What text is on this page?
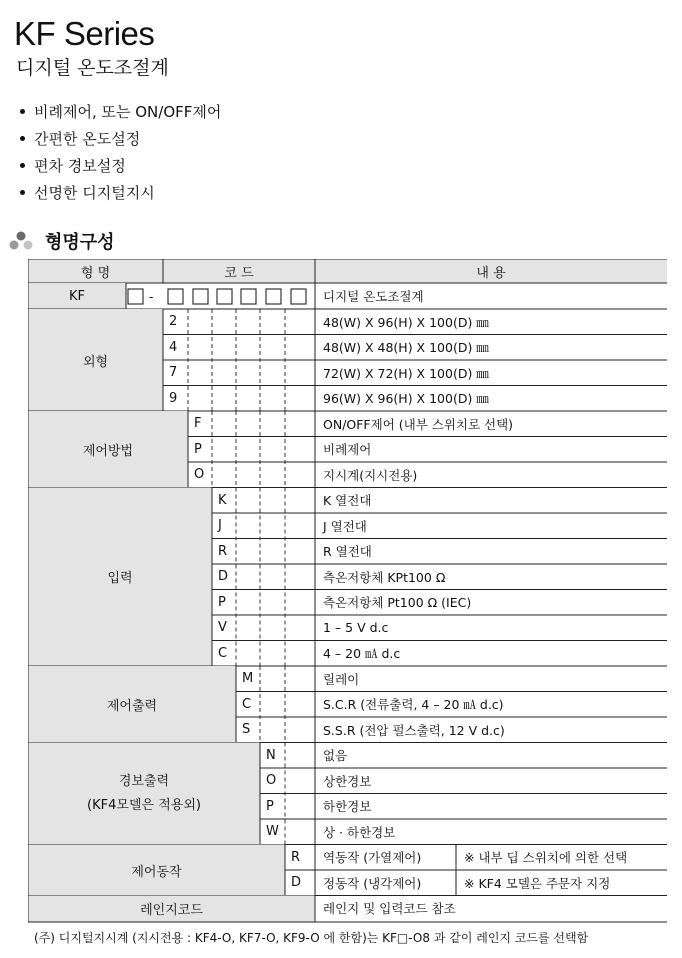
KF Series
디지털 온도조절계
비례제어, 또는 ON/OFF제어
간편한 온도설정
편차 경보설정
선명한 디지털지시
형명구성
-
형 명	코 드	내 용
KF	디지털 온도조절계
외형
2	48(W) X 96(H) X 100(D) ㎜
4	48(W) X 48(H) X 100(D) ㎜
7	72(W) X 72(H) X 100(D) ㎜
9	96(W) X 96(H) X 100(D) ㎜
제어방법
F	ON/OFF제어 (내부 스위치로 선택)
P	비례제어
O	지시계(지시전용)
입력
K	K 열전대
J	J 열전대
R	R 열전대
D	측온저항체 KPt100 Ω
P	측온저항체 Pt100 Ω (IEC)
V	1 – 5 V d.c
C	4 – 20 ㎃ d.c
제어출력
M	릴레이
C	S.C.R (전류출력, 4 – 20 ㎃ d.c)
S	S.S.R (전압 펄스출력, 12 V d.c)
경보출력
(KF4모델은 적용외)
N	없음
O	상한경보
P	하한경보
W	상 · 하한경보
제어동작
R	역동작 (가열제어)	※ 내부 딥 스위치에 의한 선택
D	정동작 (냉각제어)	※ KF4 모델은 주문자 지정
레인지코드	레인지 및 입력코드 참조
(주) 디지털지시계 (지시전용 : KF4-O, KF7-O, KF9-O 에 한함)는 KF□-O8 과 같이 레인지 코드를 선택함
